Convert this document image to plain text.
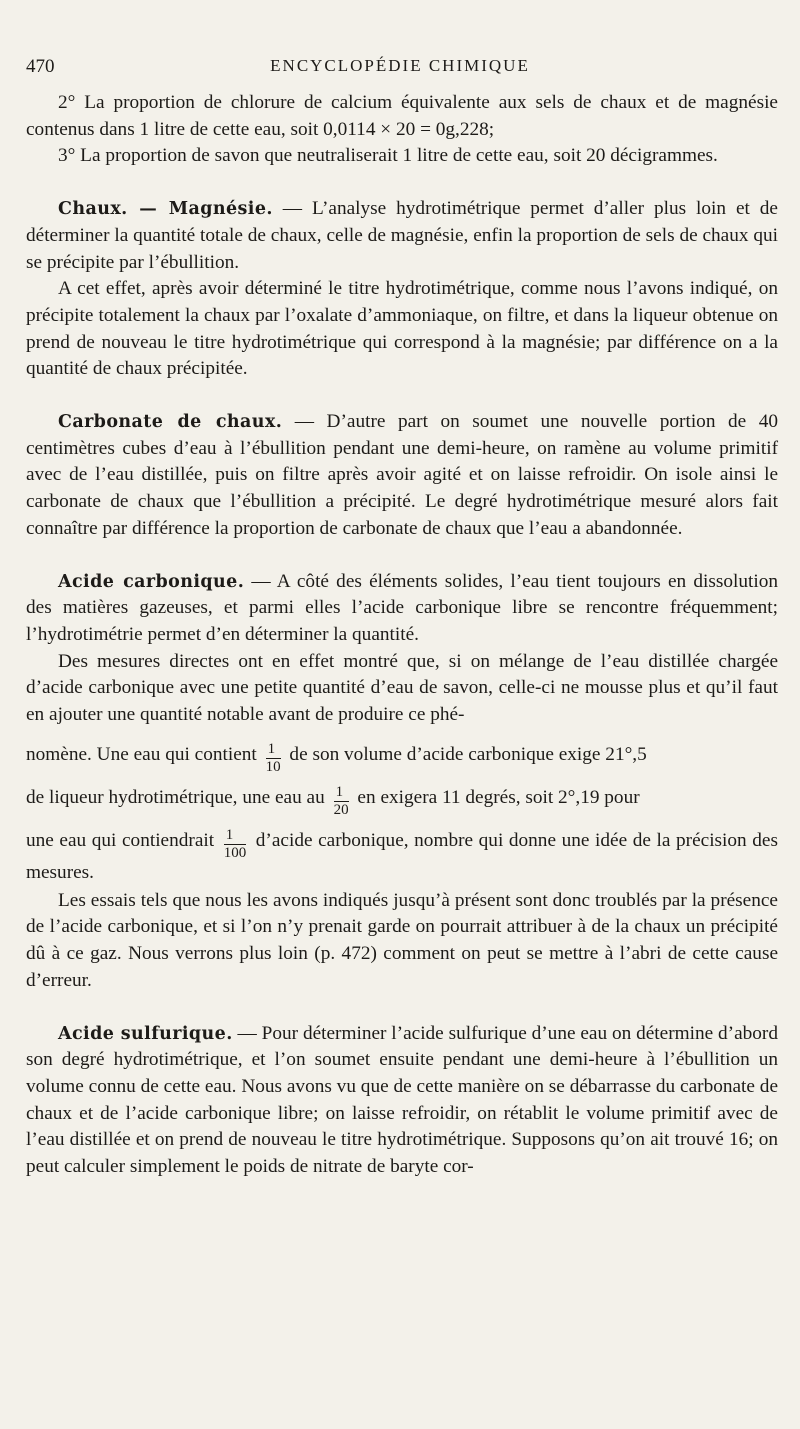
470	ENCYCLOPÉDIE CHIMIQUE

2° La proportion de chlorure de calcium équivalente aux sels de chaux et de magnésie contenus dans 1 litre de cette eau, soit 0,0114 × 20 = 0g,228;

3° La proportion de savon que neutraliserait 1 litre de cette eau, soit 20 décigrammes.

Chaux. — Magnésie. — L’analyse hydrotimétrique permet d’aller plus loin et de déterminer la quantité totale de chaux, celle de magnésie, enfin la proportion de sels de chaux qui se précipite par l’ébullition.

A cet effet, après avoir déterminé le titre hydrotimétrique, comme nous l’avons indiqué, on précipite totalement la chaux par l’oxalate d’ammoniaque, on filtre, et dans la liqueur obtenue on prend de nouveau le titre hydrotimétrique qui correspond à la magnésie; par différence on a la quantité de chaux précipitée.

Carbonate de chaux. — D’autre part on soumet une nouvelle portion de 40 centimètres cubes d’eau à l’ébullition pendant une demi-heure, on ramène au volume primitif avec de l’eau distillée, puis on filtre après avoir agité et on laisse refroidir. On isole ainsi le carbonate de chaux que l’ébullition a précipité. Le degré hydrotimétrique mesuré alors fait connaître par différence la proportion de carbonate de chaux que l’eau a abandonnée.

Acide carbonique. — A côté des éléments solides, l’eau tient toujours en dissolution des matières gazeuses, et parmi elles l’acide carbonique libre se rencontre fréquemment; l’hydrotimétrie permet d’en déterminer la quantité.

Des mesures directes ont en effet montré que, si on mélange de l’eau distillée chargée d’acide carbonique avec une petite quantité d’eau de savon, celle-ci ne mousse plus et qu’il faut en ajouter une quantité notable avant de produire ce phé-

nomène. Une eau qui contient $\frac{1}{10}$ de son volume d’acide carbonique exige 21°,5

de liqueur hydrotimétrique, une eau au $\frac{1}{20}$ en exigera 11 degrés, soit 2°,19 pour

une eau qui contiendrait $\frac{1}{100}$ d’acide carbonique, nombre qui donne une idée de la précision des mesures.

Les essais tels que nous les avons indiqués jusqu’à présent sont donc troublés par la présence de l’acide carbonique, et si l’on n’y prenait garde on pourrait attribuer à de la chaux un précipité dû à ce gaz. Nous verrons plus loin (p. 472) comment on peut se mettre à l’abri de cette cause d’erreur.

Acide sulfurique. — Pour déterminer l’acide sulfurique d’une eau on détermine d’abord son degré hydrotimétrique, et l’on soumet ensuite pendant une demi-heure à l’ébullition un volume connu de cette eau. Nous avons vu que de cette manière on se débarrasse du carbonate de chaux et de l’acide carbonique libre; on laisse refroidir, on rétablit le volume primitif avec de l’eau distillée et on prend de nouveau le titre hydrotimétrique. Supposons qu’on ait trouvé 16; on peut calculer simplement le poids de nitrate de baryte cor-
